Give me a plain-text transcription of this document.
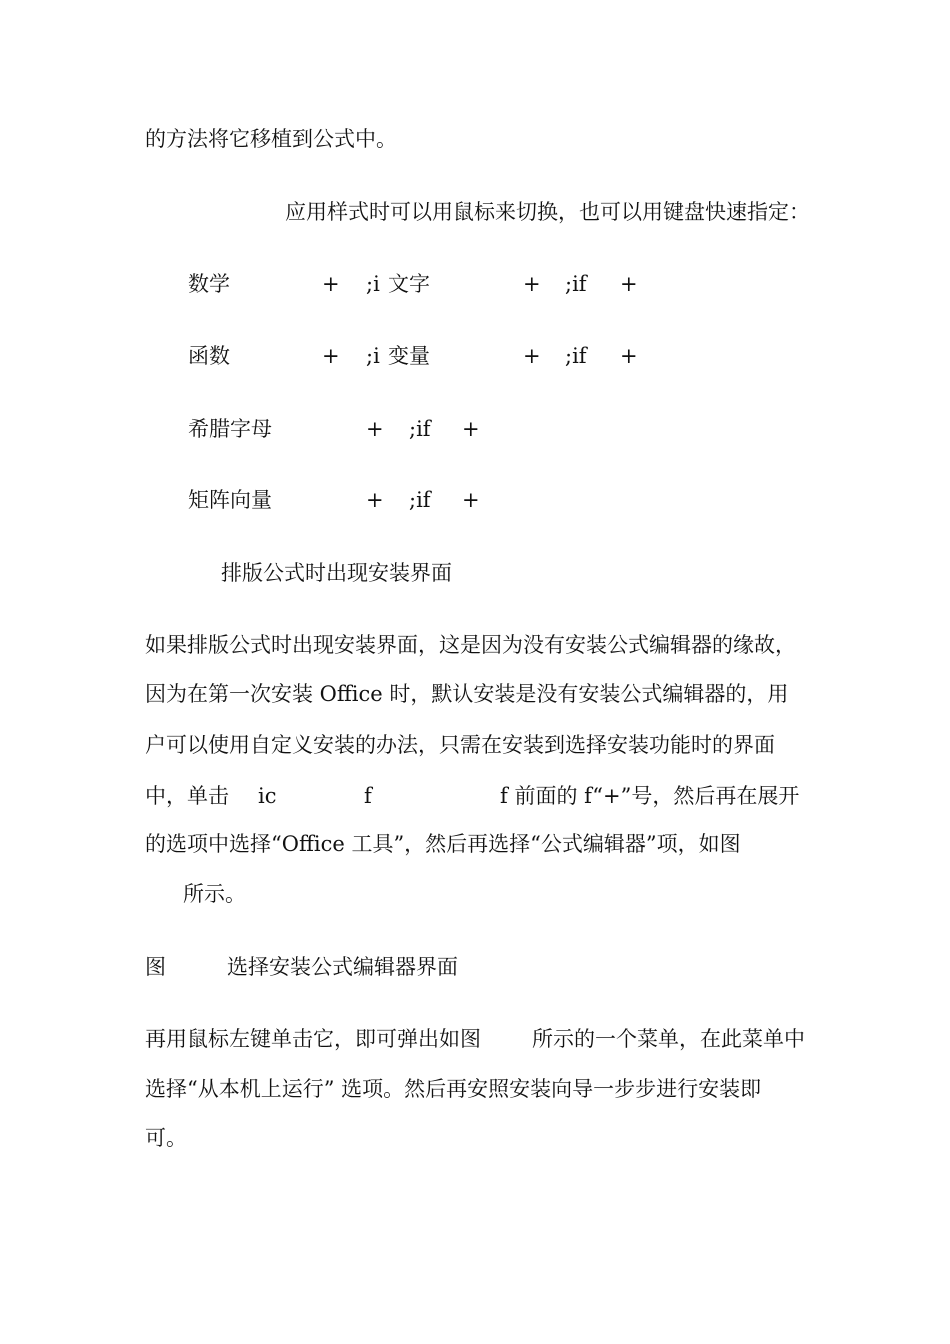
的方法将它移植到公式中。

应用样式时可以用鼠标来切换，也可以用键盘快速指定：

数学	+ ;i 文字	+ ;if +
函数	+ ;i 变量	+ ;if +
希腊字母	+ ;if +
矩阵向量	+ ;if +
排版公式时出现安装界面

如果排版公式时出现安装界面，这是因为没有安装公式编辑器的缘故，

因为在第一次安装 Office 时，默认安装是没有安装公式编辑器的，用

户可以使用自定义安装的办法，只需在安装到选择安装功能时的界面

中，单击 ic	f	f 前面的 f“+”号，然后再在展开

的选项中选择“Office 工具”，然后再选择“公式编辑器”项，如图

所示。

图	选择安装公式编辑器界面
再用鼠标左键单击它，即可弹出如图 所示的一个菜单，在此菜单中

选择“从本机上运行” 选项。然后再安照安装向导一步步进行安装即

可。
